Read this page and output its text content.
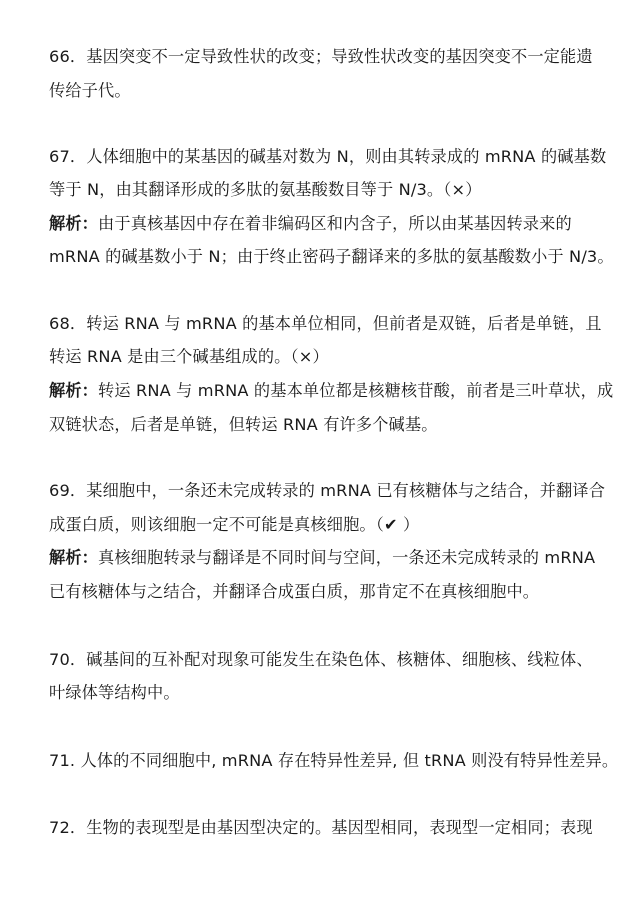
66．基因突变不一定导致性状的改变；导致性状改变的基因突变不一定能遗
传给子代。
67．人体细胞中的某基因的碱基对数为 N，则由其转录成的 mRNA 的碱基数
等于 N，由其翻译形成的多肽的氨基酸数目等于 N/3。（×）
解析：由于真核基因中存在着非编码区和内含子，所以由某基因转录来的
mRNA 的碱基数小于 N；由于终止密码子翻译来的多肽的氨基酸数小于 N/3。
68．转运 RNA 与 mRNA 的基本单位相同，但前者是双链，后者是单链，且
转运 RNA 是由三个碱基组成的。（×）
解析：转运 RNA 与 mRNA 的基本单位都是核糖核苷酸，前者是三叶草状，成
双链状态，后者是单链，但转运 RNA 有许多个碱基。
69．某细胞中，一条还未完成转录的 mRNA 已有核糖体与之结合，并翻译合
成蛋白质，则该细胞一定不可能是真核细胞。（✔ ）
解析：真核细胞转录与翻译是不同时间与空间，一条还未完成转录的 mRNA
已有核糖体与之结合，并翻译合成蛋白质，那肯定不在真核细胞中。
70．碱基间的互补配对现象可能发生在染色体、核糖体、细胞核、线粒体、
叶绿体等结构中。
71. 人体的不同细胞中, mRNA 存在特异性差异, 但 tRNA 则没有特异性差异。
72．生物的表现型是由基因型决定的。基因型相同，表现型一定相同；表现
